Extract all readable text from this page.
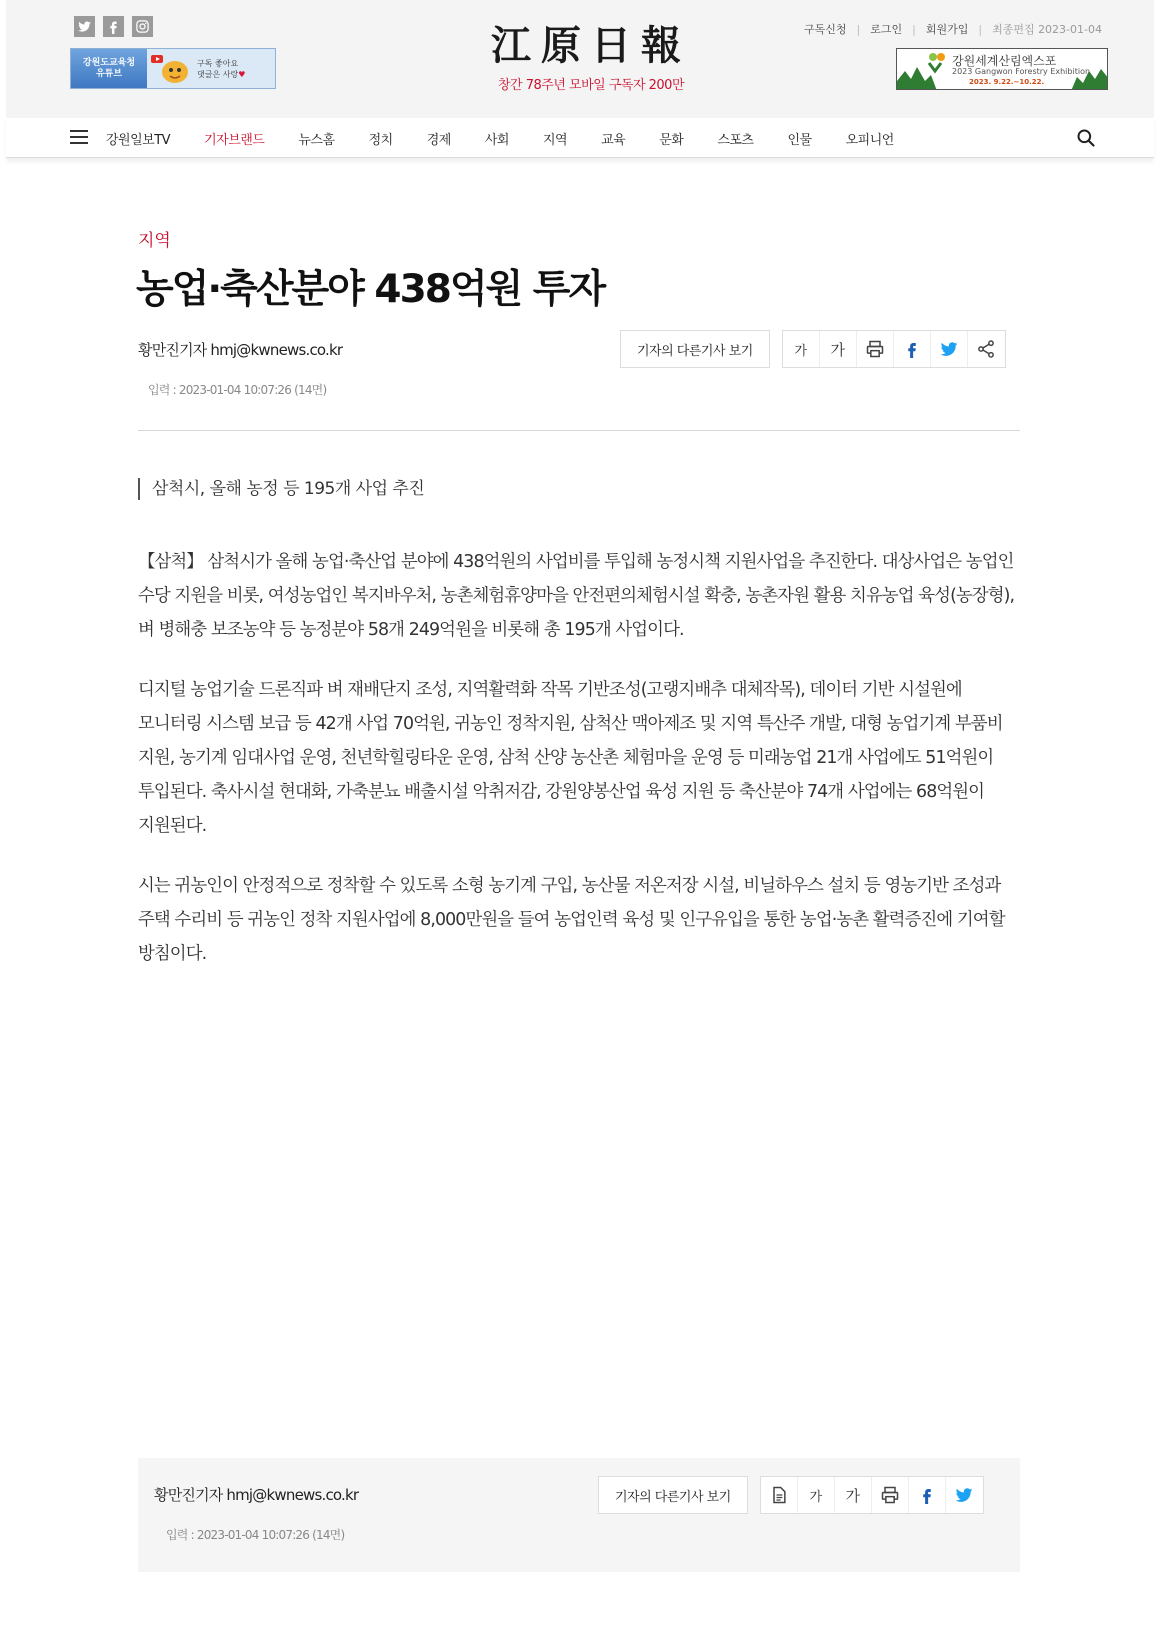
강원도교육청
유튜브
구독 좋아요
댓글은 사랑♥
江原日報
창간 78주년 모바일 구독자 200만
구독신청 | 로그인 | 회원가입 | 최종편집 2023-01-04
강원세계산림엑스포
2023 Gangwon Forestry Exhibition
2023. 9.22.~10.22.
강원일보TV	기자브랜드	뉴스홈	정치	경제	사회	지역	교육	문화	스포츠	인물	오피니언
지역
농업·축산분야 438억원 투자
황만진기자 hmj@kwnews.co.kr
입력 : 2023-01-04 10:07:26 (14면)
기자의 다른기사 보기	가	가
삼척시, 올해 농정 등 195개 사업 추진

【삼척】 삼척시가 올해 농업·축산업 분야에 438억원의 사업비를 투입해 농정시책 지원사업을 추진한다. 대상사업은 농업인 수당 지원을 비롯, 여성농업인 복지바우처, 농촌체험휴양마을 안전편의체험시설 확충, 농촌자원 활용 치유농업 육성(농장형), 벼 병해충 보조농약 등 농정분야 58개 249억원을 비롯해 총 195개 사업이다.

디지털 농업기술 드론직파 벼 재배단지 조성, 지역활력화 작목 기반조성(고랭지배추 대체작목), 데이터 기반 시설원에 모니터링 시스템 보급 등 42개 사업 70억원, 귀농인 정착지원, 삼척산 맥아제조 및 지역 특산주 개발, 대형 농업기계 부품비 지원, 농기계 임대사업 운영, 천년학힐링타운 운영, 삼척 산양 농산촌 체험마을 운영 등 미래농업 21개 사업에도 51억원이 투입된다. 축사시설 현대화, 가축분뇨 배출시설 악취저감, 강원양봉산업 육성 지원 등 축산분야 74개 사업에는 68억원이 지원된다.

시는 귀농인이 안정적으로 정착할 수 있도록 소형 농기계 구입, 농산물 저온저장 시설, 비닐하우스 설치 등 영농기반 조성과 주택 수리비 등 귀농인 정착 지원사업에 8,000만원을 들여 농업인력 육성 및 인구유입을 통한 농업·농촌 활력증진에 기여할 방침이다.

황만진기자 hmj@kwnews.co.kr
입력 : 2023-01-04 10:07:26 (14면)
기자의 다른기사 보기	가	가
